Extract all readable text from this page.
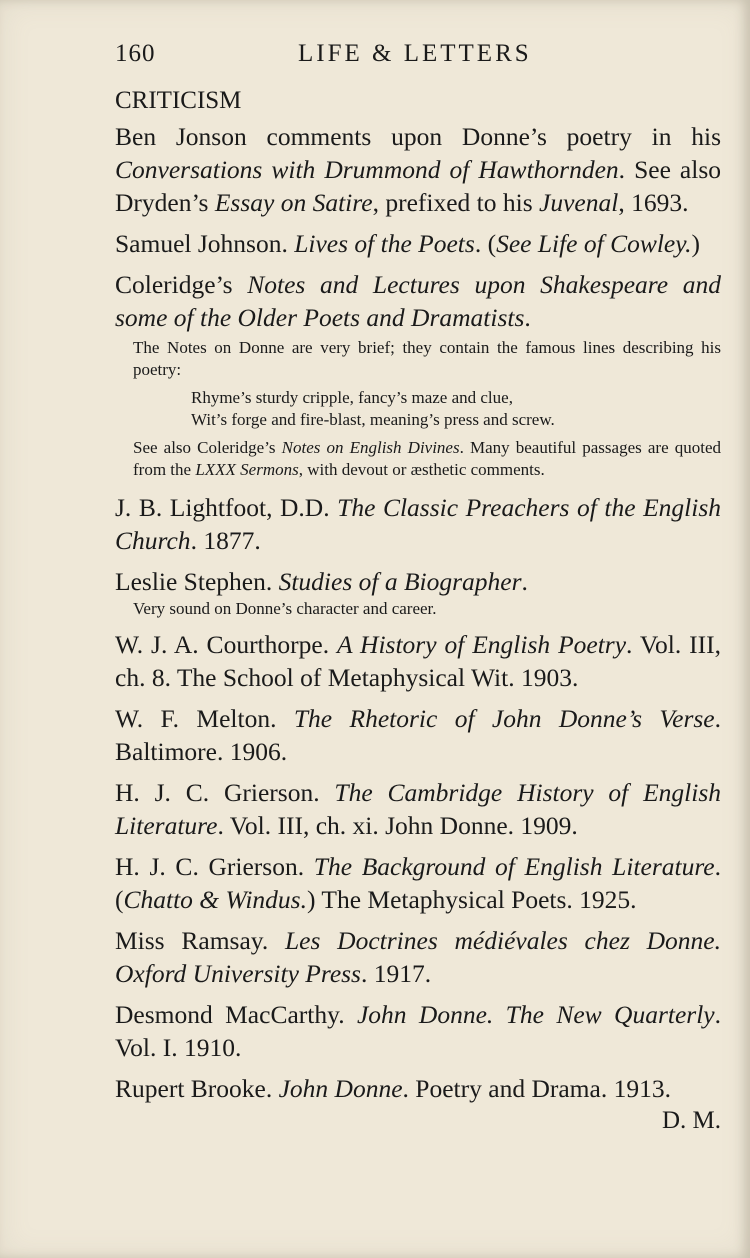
160	LIFE & LETTERS
CRITICISM

Ben Jonson comments upon Donne’s poetry in his Conversations with Drummond of Hawthornden. See also Dryden’s Essay on Satire, prefixed to his Juvenal, 1693.

Samuel Johnson. Lives of the Poets. (See Life of Cowley.)

Coleridge’s Notes and Lectures upon Shakespeare and some of the Older Poets and Dramatists.

The Notes on Donne are very brief; they contain the famous lines describing his poetry:

Rhyme’s sturdy cripple, fancy’s maze and clue,

Wit’s forge and fire-blast, meaning’s press and screw.

See also Coleridge’s Notes on English Divines. Many beautiful passages are quoted from the LXXX Sermons, with devout or æsthetic comments.

J. B. Lightfoot, D.D. The Classic Preachers of the English Church. 1877.

Leslie Stephen. Studies of a Biographer.

Very sound on Donne’s character and career.

W. J. A. Courthorpe. A History of English Poetry. Vol. III, ch. 8. The School of Metaphysical Wit. 1903.

W. F. Melton. The Rhetoric of John Donne’s Verse. Baltimore. 1906.

H. J. C. Grierson. The Cambridge History of English Literature. Vol. III, ch. xi. John Donne. 1909.

H. J. C. Grierson. The Background of English Literature. (Chatto & Windus.) The Metaphysical Poets. 1925.

Miss Ramsay. Les Doctrines médiévales chez Donne. Oxford University Press. 1917.

Desmond MacCarthy. John Donne. The New Quarterly. Vol. I. 1910.

Rupert Brooke. John Donne. Poetry and Drama. 1913.

D. M.
